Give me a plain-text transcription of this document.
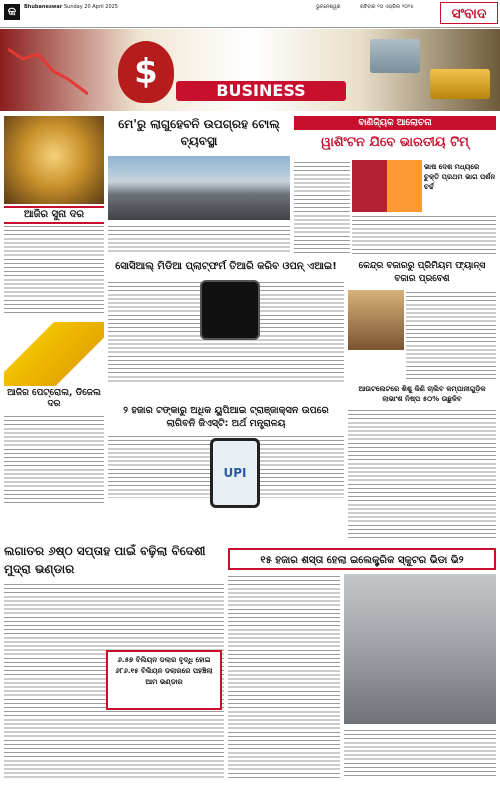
କ	Bhubaneswar Sunday 20 April 2025	ଭୁବନେଶ୍ୱର	ରବିବାର ୨୦ ଏପ୍ରିଲ ୨୦୨୫	ସଂବାଦ
$	BUSINESS
ଆଜିର ସୁନା ଦର
ଆଜିର ପେଟ୍ରୋଲ, ଡିଜେଲ ଦର
ମେ'ରୁ ଲାଗୁହେବନି ଉପଗ୍ରହ ଟୋଲ୍ ବ୍ୟବସ୍ଥା
ବାଣିଜ୍ୟିକ ଆଲୋଚନା
ୱାଶିଂଟନ ଯିବେ ଭାରତୀୟ ଟିମ୍
ଭାଷ ଦେଶ ମଧ୍ୟରେ ଚୁକ୍ତି ପ୍ରଥମ ଭାଗ ପର୍ଶନ ଚର୍ଚ୍ଚ
ସୋସିଆଲ୍ ମିଡିଆ ପ୍ଲାଟ୍‌ଫର୍ମ ତିଆରି କରିବ ଓପନ୍ ଏଆଇ!	କେନ୍ଦ୍ର ବଜାରରୁ ପ୍ରିମିୟମ ଫ୍ୟାନ୍ସ ବଜାର ପ୍ରବେଶ
ଆଉଟଲେଟରେ ଶିଶୁ କିଣି ଚାଲିବ କମ୍ପାନୀଗୁଡ଼ିକ ଲାଭାଂଶ ନିଷ୍ପ ୫୦% ଉଛୁଳିବ
୨ ହଜାର ଟଙ୍କାରୁ ଅଧିକ ୟୁପିଆଇ ଟ୍ରାଞ୍ଜାକ୍ସନ ଉପରେ ଲାଗିବନି ଜିଏସ୍‌ଟି: ଅର୍ଥ ମନ୍ତ୍ରାଳୟ
UPI
ଲଗାତର ୬ଷ୍ଠ ସପ୍ତାହ ପାଇଁ ବଢ଼ିଲା ବିଦେଶୀ ମୁଦ୍ରା ଭଣ୍ଡାର
୬.୫୭ ବିଲିୟନ ଡଲାର ବୃଦ୍ଧି ହୋଇ ୬୮୬.୧୫ ବିଲିୟନ ଡଲାରରେ ପହଞ୍ଚିଲା ଆମ ଭଣ୍ଡାର
୧୫ ହଜାର ଶସ୍ତା ହେଲା ଇଲେକ୍ଟ୍ରିକ ସ୍କୁଟର ଭିଡା ଭି୨
